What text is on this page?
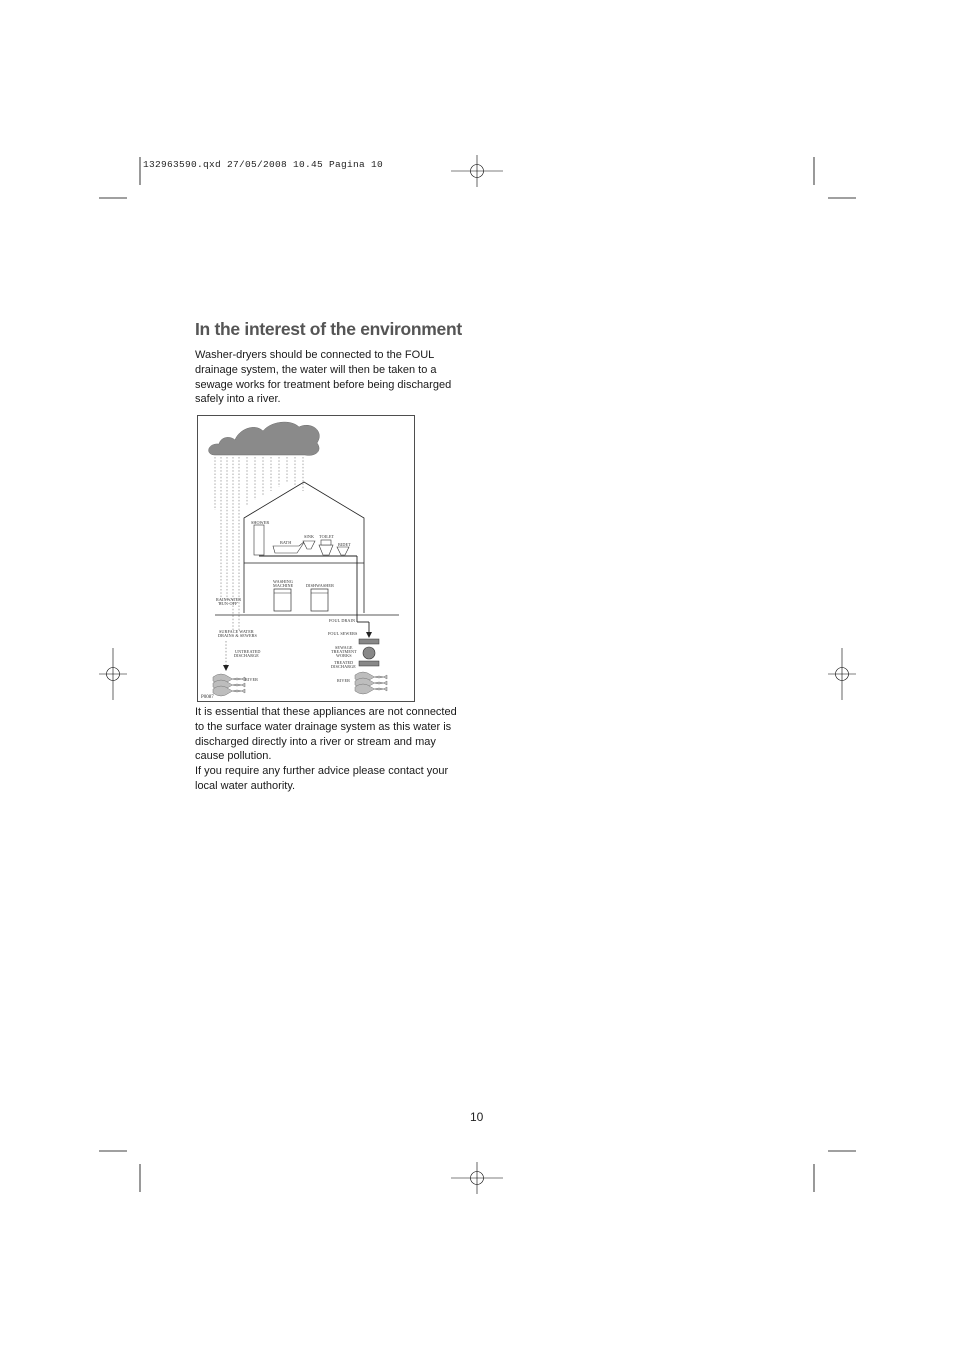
132963590.qxd 27/05/2008 10.45 Pagina 10
In the interest of the environment
Washer-dryers should be connected to the FOUL drainage system, the water will then be taken to a sewage works for treatment before being discharged safely into a river.
SHOWER
BATH
SINK TOILET
BIDET
WASHING
MACHINE	DISHWASHER
RAINWATER
'RUN-OFF'
FOUL DRAIN
FOUL SEWERS
SURFACE WATER
DRAINS & SEWERS
SEWAGE
TREATMENT
WORKS
UNTREATED
DISCHARGE
TREATED
DISCHARGE
RIVER	RIVER
P0087
It is essential that these appliances are not connected to the surface water drainage system as this water is discharged directly into a river or stream and may cause pollution.
If you require any further advice please contact your local water authority.
10
